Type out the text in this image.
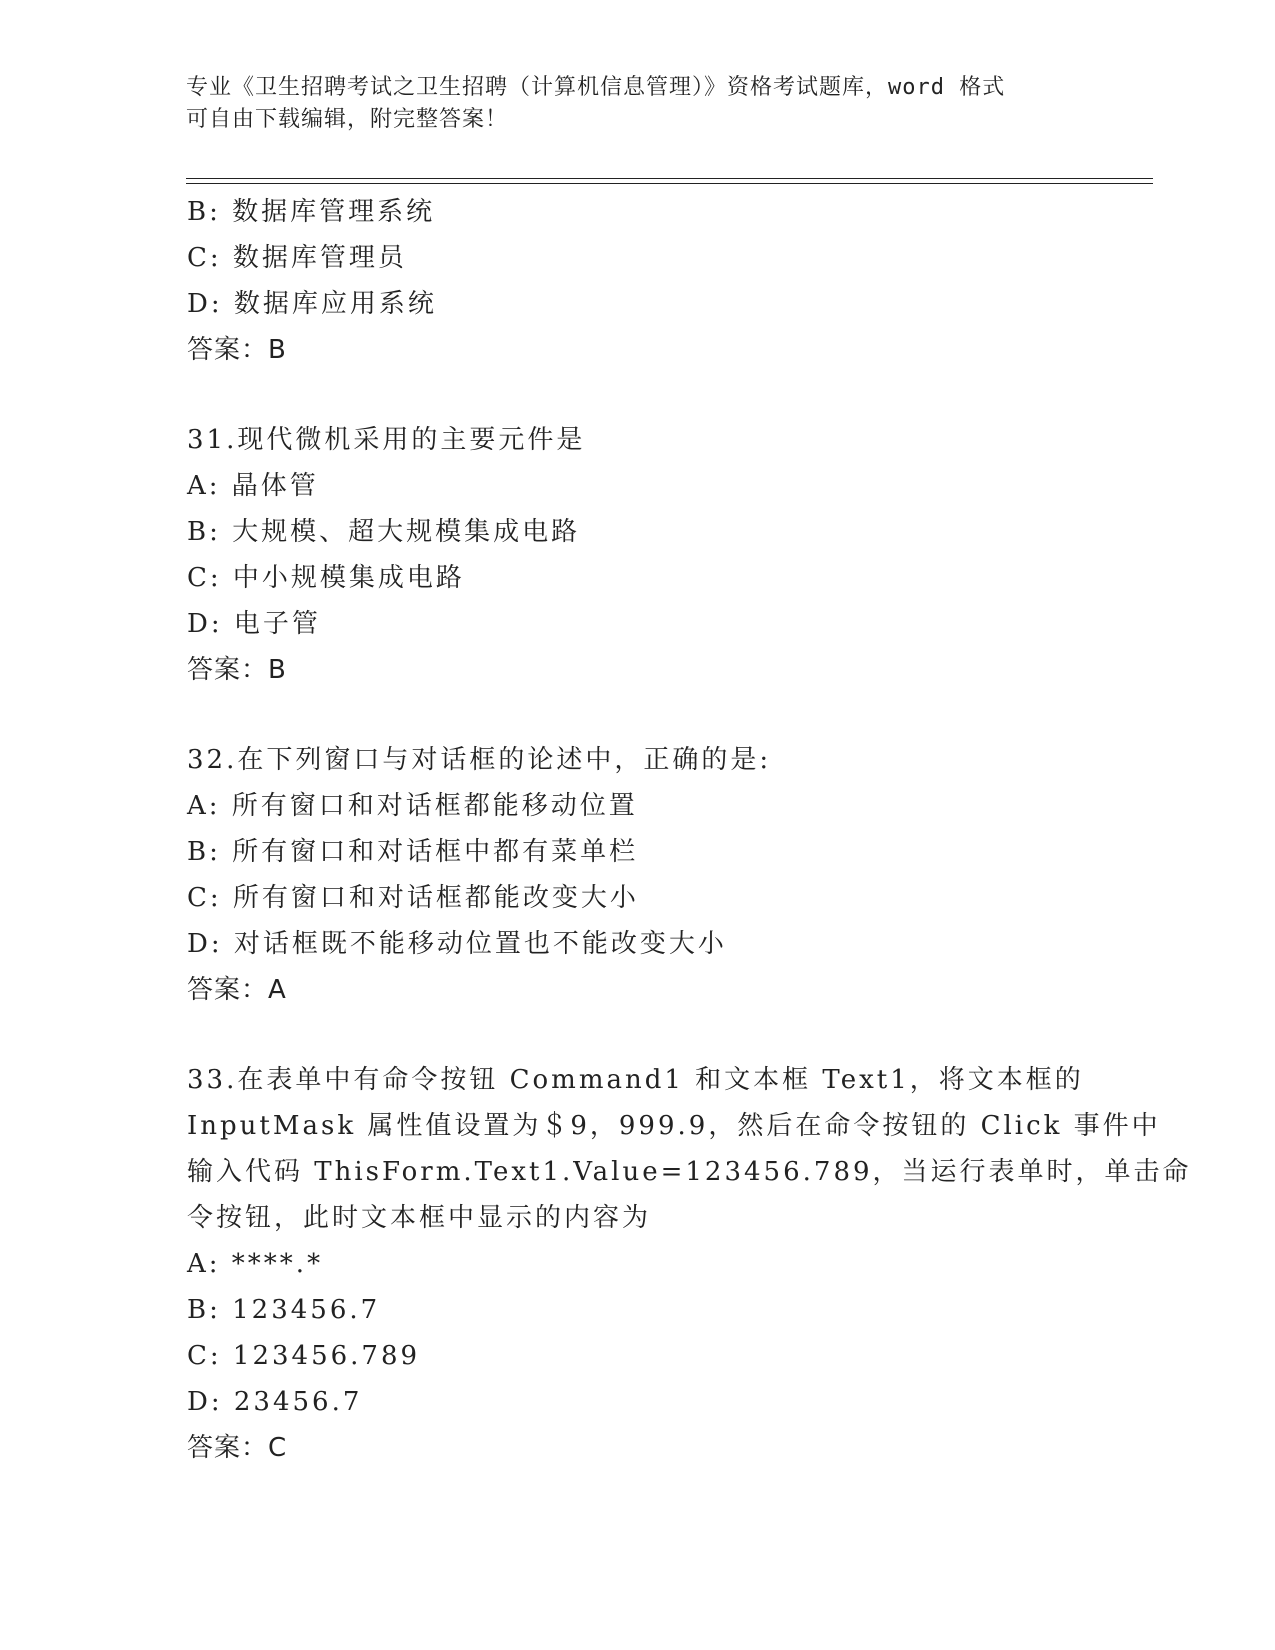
专业《卫生招聘考试之卫生招聘（计算机信息管理）》资格考试题库，word 格式
可自由下载编辑，附完整答案！
B: 数据库管理系统
C: 数据库管理员
D: 数据库应用系统
答案：B
31.现代微机采用的主要元件是
A: 晶体管
B: 大规模、超大规模集成电路
C: 中小规模集成电路
D: 电子管
答案：B
32.在下列窗口与对话框的论述中，正确的是:
A: 所有窗口和对话框都能移动位置
B: 所有窗口和对话框中都有菜单栏
C: 所有窗口和对话框都能改变大小
D: 对话框既不能移动位置也不能改变大小
答案：A
33.在表单中有命令按钮 Command1 和文本框 Text1，将文本框的
InputMask 属性值设置为＄9，999.9，然后在命令按钮的 Click 事件中
输入代码 ThisForm.Text1.Value=123456.789，当运行表单时，单击命
令按钮，此时文本框中显示的内容为
A: ****.*
B: 123456.7
C: 123456.789
D: 23456.7
答案：C
